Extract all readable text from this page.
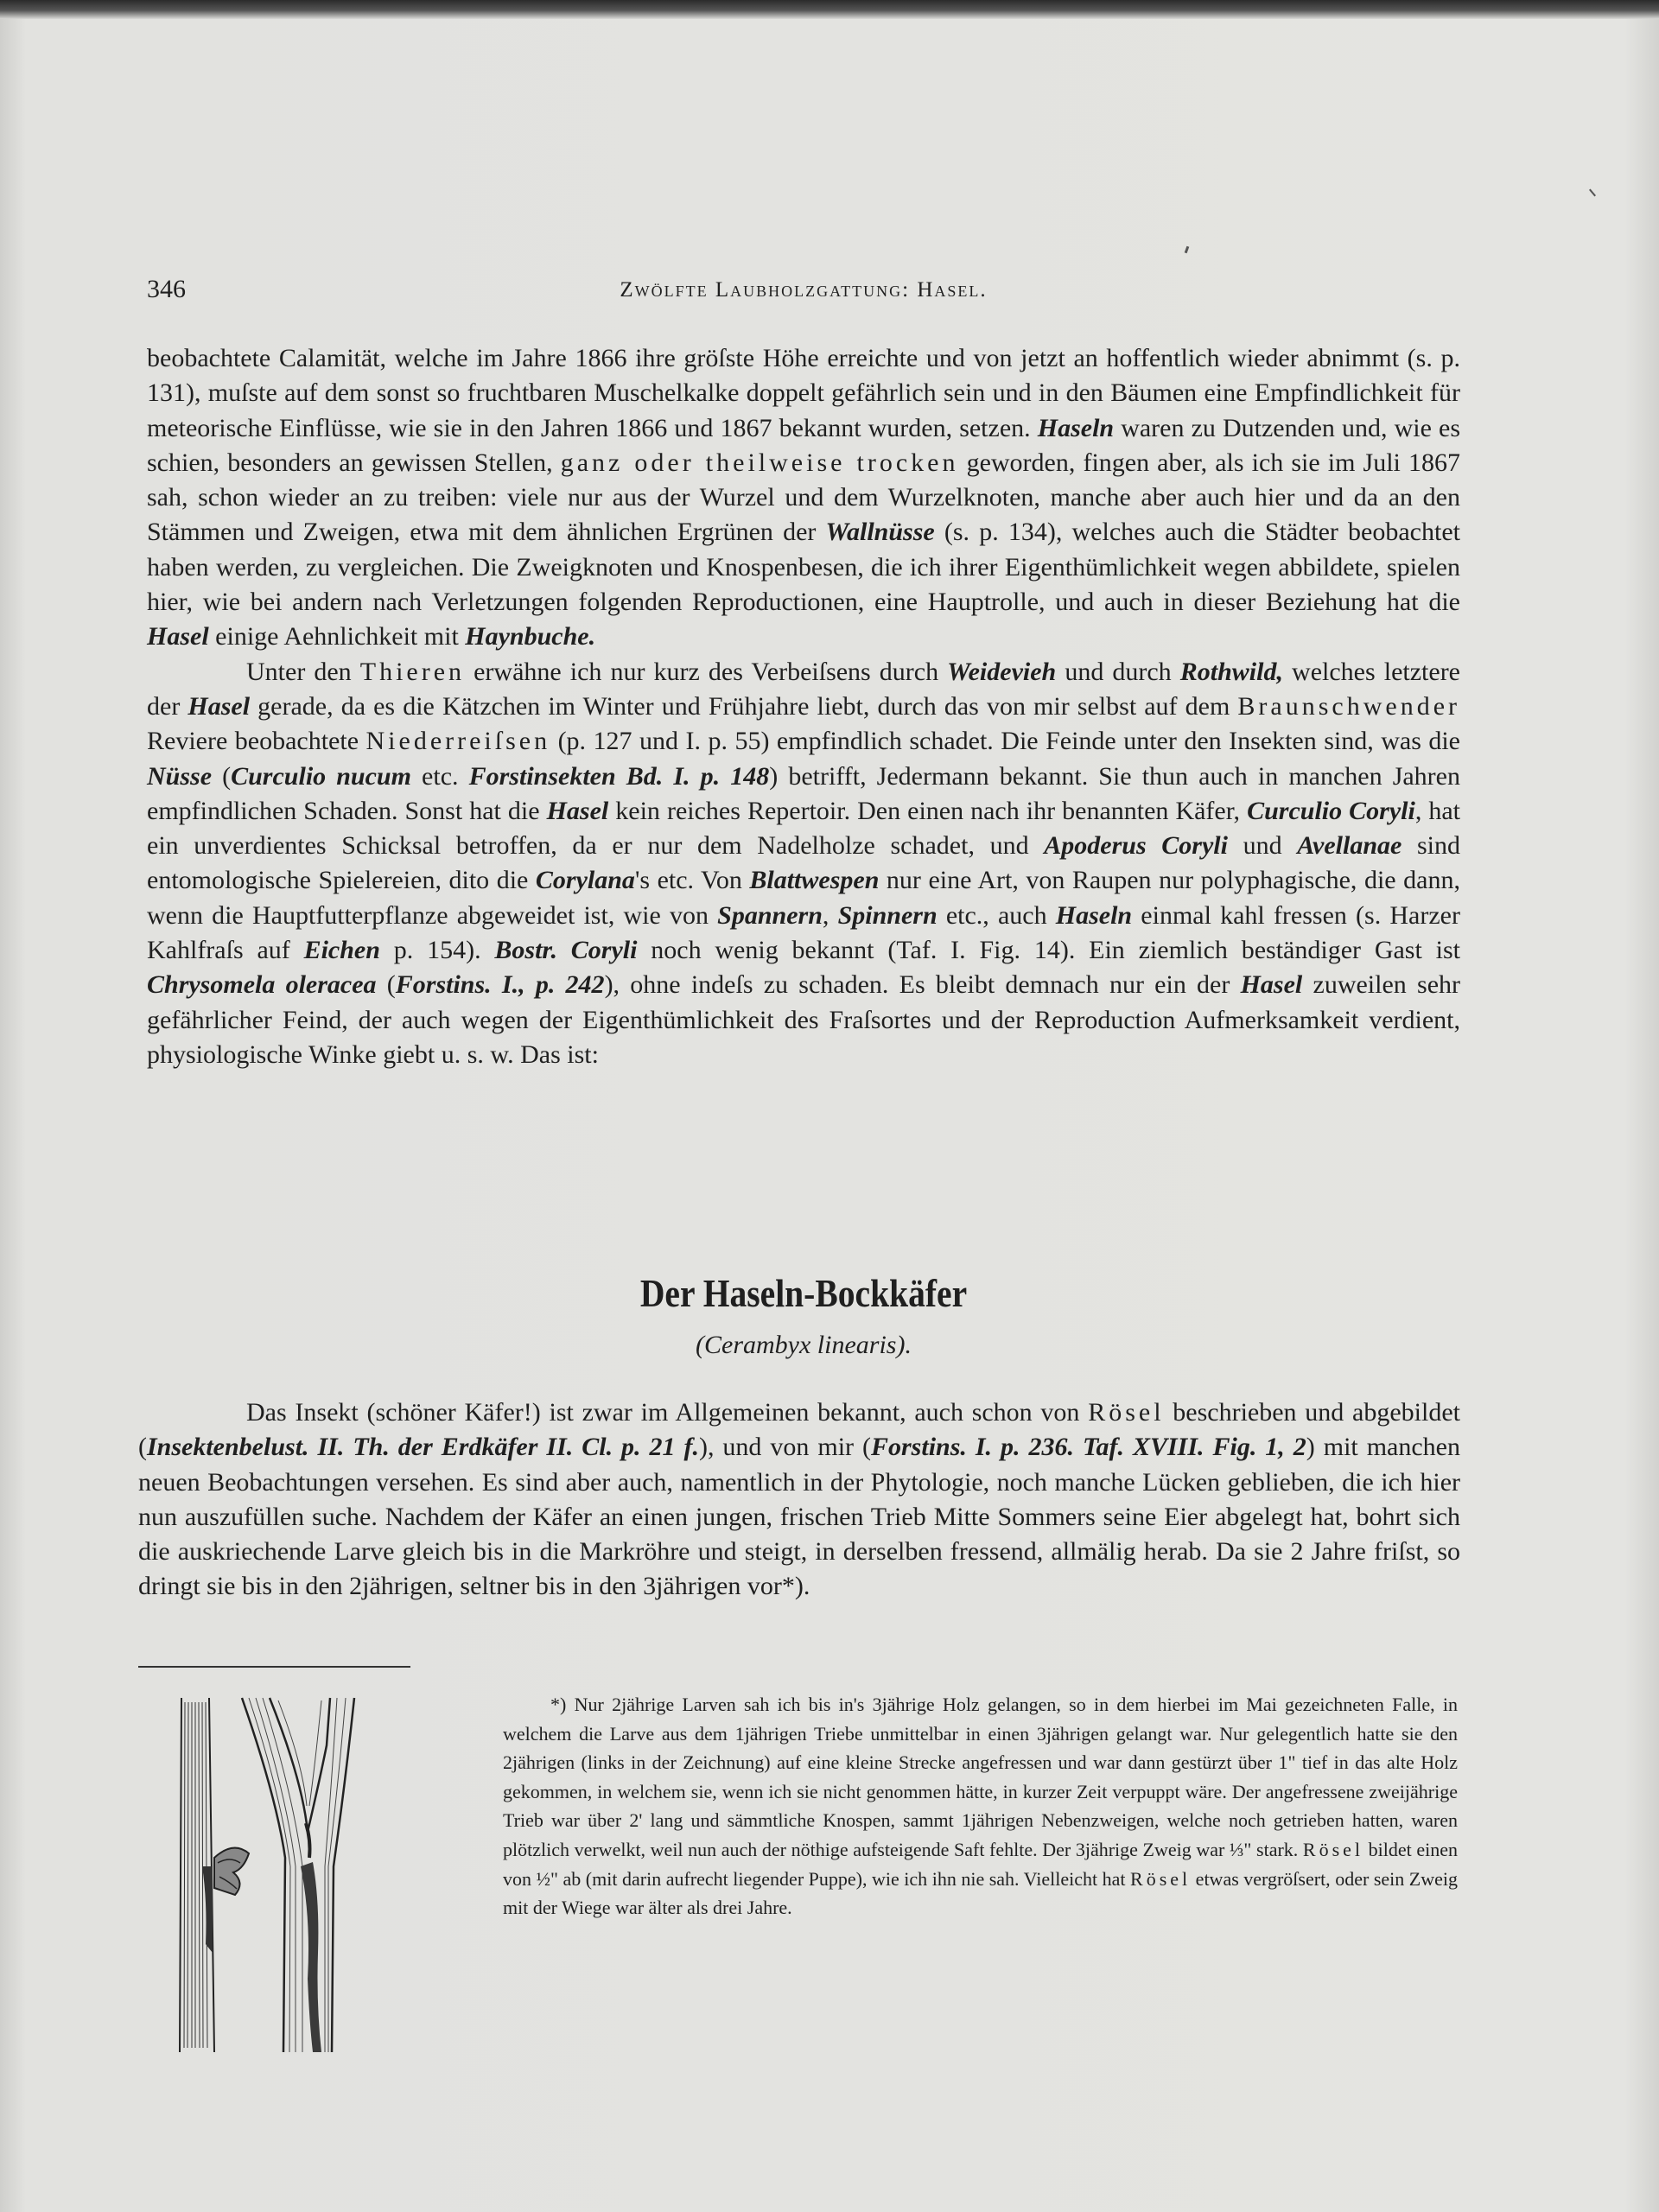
346	Zwölfte Laubholzgattung: Hasel.

beobachtete Calamität, welche im Jahre 1866 ihre gröſste Höhe erreichte und von jetzt an hoffentlich wieder abnimmt (s. p. 131), muſste auf dem sonst so fruchtbaren Muschelkalke doppelt gefährlich sein und in den Bäumen eine Empfindlichkeit für meteorische Einflüsse, wie sie in den Jahren 1866 und 1867 bekannt wurden, setzen. Haseln waren zu Dutzenden und, wie es schien, besonders an gewissen Stellen, ganz oder theilweise trocken geworden, fingen aber, als ich sie im Juli 1867 sah, schon wieder an zu treiben: viele nur aus der Wurzel und dem Wurzelknoten, manche aber auch hier und da an den Stämmen und Zweigen, etwa mit dem ähnlichen Ergrünen der Wallnüsse (s. p. 134), welches auch die Städter beobachtet haben werden, zu vergleichen. Die Zweigknoten und Knospenbesen, die ich ihrer Eigenthümlichkeit wegen abbildete, spielen hier, wie bei andern nach Verletzungen folgenden Reproductionen, eine Hauptrolle, und auch in dieser Beziehung hat die Hasel einige Aehnlichkeit mit Haynbuche.

Unter den Thieren erwähne ich nur kurz des Verbeiſsens durch Weidevieh und durch Rothwild, welches letztere der Hasel gerade, da es die Kätzchen im Winter und Frühjahre liebt, durch das von mir selbst auf dem Braunschwender Reviere beobachtete Niederreiſsen (p. 127 und I. p. 55) empfindlich schadet. Die Feinde unter den Insekten sind, was die Nüsse (Curculio nucum etc. Forstinsekten Bd. I. p. 148) betrifft, Jedermann bekannt. Sie thun auch in manchen Jahren empfindlichen Schaden. Sonst hat die Hasel kein reiches Repertoir. Den einen nach ihr benannten Käfer, Curculio Coryli, hat ein unverdientes Schicksal betroffen, da er nur dem Nadelholze schadet, und Apoderus Coryli und Avellanae sind entomologische Spielereien, dito die Corylana's etc. Von Blattwespen nur eine Art, von Raupen nur polyphagische, die dann, wenn die Hauptfutterpflanze abgeweidet ist, wie von Spannern, Spinnern etc., auch Haseln einmal kahl fressen (s. Harzer Kahlfraſs auf Eichen p. 154). Bostr. Coryli noch wenig bekannt (Taf. I. Fig. 14). Ein ziemlich beständiger Gast ist Chrysomela oleracea (Forstins. I., p. 242), ohne indeſs zu schaden. Es bleibt demnach nur ein der Hasel zuweilen sehr gefährlicher Feind, der auch wegen der Eigenthümlichkeit des Fraſsortes und der Reproduction Aufmerksamkeit verdient, physiologische Winke giebt u. s. w. Das ist:

Der Haseln-Bockkäfer
(Cerambyx linearis).
Das Insekt (schöner Käfer!) ist zwar im Allgemeinen bekannt, auch schon von Rösel beschrieben und abgebildet (Insektenbelust. II. Th. der Erdkäfer II. Cl. p. 21 f.), und von mir (Forstins. I. p. 236. Taf. XVIII. Fig. 1, 2) mit manchen neuen Beobachtungen versehen. Es sind aber auch, namentlich in der Phytologie, noch manche Lücken geblieben, die ich hier nun auszufüllen suche. Nachdem der Käfer an einen jungen, frischen Trieb Mitte Sommers seine Eier abgelegt hat, bohrt sich die auskriechende Larve gleich bis in die Markröhre und steigt, in derselben fressend, allmälig herab. Da sie 2 Jahre friſst, so dringt sie bis in den 2jährigen, seltner bis in den 3jährigen vor*).
*) Nur 2jährige Larven sah ich bis in's 3jährige Holz gelangen, so in dem hierbei im Mai gezeichneten Falle, in welchem die Larve aus dem 1jährigen Triebe unmittelbar in einen 3jährigen gelangt war. Nur gelegentlich hatte sie den 2jährigen (links in der Zeichnung) auf eine kleine Strecke angefressen und war dann gestürzt über 1" tief in das alte Holz gekommen, in welchem sie, wenn ich sie nicht genommen hätte, in kurzer Zeit verpuppt wäre. Der angefressene zweijährige Trieb war über 2' lang und sämmtliche Knospen, sammt 1jährigen Nebenzweigen, welche noch getrieben hatten, waren plötzlich verwelkt, weil nun auch der nöthige aufsteigende Saft fehlte. Der 3jährige Zweig war ⅓" stark. Rösel bildet einen von ½" ab (mit darin aufrecht liegender Puppe), wie ich ihn nie sah. Vielleicht hat Rösel etwas vergröſsert, oder sein Zweig mit der Wiege war älter als drei Jahre.
